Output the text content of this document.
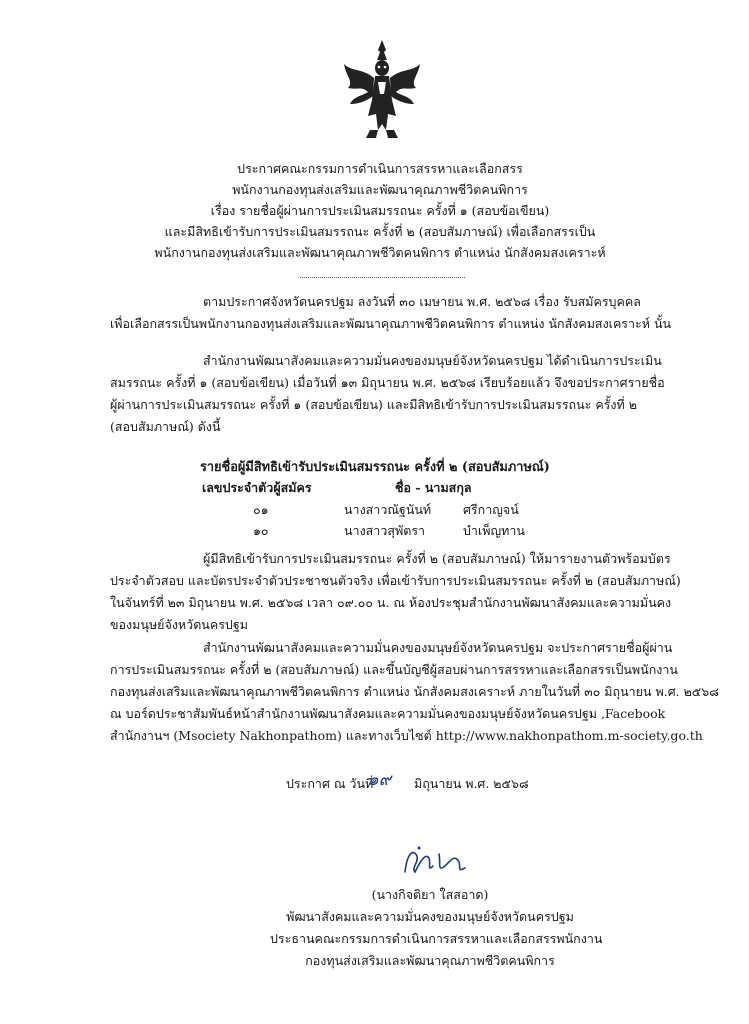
ประกาศคณะกรรมการดำเนินการสรรหาและเลือกสรร
พนักงานกองทุนส่งเสริมและพัฒนาคุณภาพชีวิตคนพิการ
เรื่อง รายชื่อผู้ผ่านการประเมินสมรรถนะ ครั้งที่ ๑ (สอบข้อเขียน)
และมีสิทธิเข้ารับการประเมินสมรรถนะ ครั้งที่ ๒ (สอบสัมภาษณ์) เพื่อเลือกสรรเป็น
พนักงานกองทุนส่งเสริมและพัฒนาคุณภาพชีวิตคนพิการ ตำแหน่ง นักสังคมสงเคราะห์
ตามประกาศจังหวัดนครปฐม ลงวันที่ ๓๐ เมษายน พ.ศ. ๒๕๖๘ เรื่อง รับสมัครบุคคล
เพื่อเลือกสรรเป็นพนักงานกองทุนส่งเสริมและพัฒนาคุณภาพชีวิตคนพิการ ตำแหน่ง นักสังคมสงเคราะห์ นั้น
สำนักงานพัฒนาสังคมและความมั่นคงของมนุษย์จังหวัดนครปฐม ได้ดำเนินการประเมิน
สมรรถนะ ครั้งที่ ๑ (สอบข้อเขียน) เมื่อวันที่ ๑๓ มิถุนายน พ.ศ. ๒๕๖๘ เรียบร้อยแล้ว จึงขอประกาศรายชื่อ
ผู้ผ่านการประเมินสมรรถนะ ครั้งที่ ๑ (สอบข้อเขียน) และมีสิทธิเข้ารับการประเมินสมรรถนะ ครั้งที่ ๒
(สอบสัมภาษณ์) ดังนี้
รายชื่อผู้มีสิทธิเข้ารับประเมินสมรรถนะ ครั้งที่ ๒ (สอบสัมภาษณ์)
เลขประจำตัวผู้สมัคร	ชื่อ - นามสกุล
๐๑	นางสาวณัฐนันท์	ศรีกาญจน์
๑๐	นางสาวสุพัตรา	บำเพ็ญทาน
ผู้มีสิทธิเข้ารับการประเมินสมรรถนะ ครั้งที่ ๒ (สอบสัมภาษณ์) ให้มารายงานตัวพร้อมบัตร
ประจำตัวสอบ และบัตรประจำตัวประชาชนตัวจริง เพื่อเข้ารับการประเมินสมรรถนะ ครั้งที่ ๒ (สอบสัมภาษณ์)
ในจันทร์ที่ ๒๓ มิถุนายน พ.ศ. ๒๕๖๘ เวลา ๐๙.๐๐ น. ณ ห้องประชุมสำนักงานพัฒนาสังคมและความมั่นคง
ของมนุษย์จังหวัดนครปฐม
สำนักงานพัฒนาสังคมและความมั่นคงของมนุษย์จังหวัดนครปฐม จะประกาศรายชื่อผู้ผ่าน
การประเมินสมรรถนะ ครั้งที่ ๒ (สอบสัมภาษณ์) และขึ้นบัญชีผู้สอบผ่านการสรรหาและเลือกสรรเป็นพนักงาน
กองทุนส่งเสริมและพัฒนาคุณภาพชีวิตคนพิการ ตำแหน่ง นักสังคมสงเคราะห์ ภายในวันที่ ๓๐ มิถุนายน พ.ศ. ๒๕๖๘
ณ บอร์ดประชาสัมพันธ์หน้าสำนักงานพัฒนาสังคมและความมั่นคงของมนุษย์จังหวัดนครปฐม ,Facebook
สำนักงานฯ (Msociety Nakhonpathom) และทางเว็บไซต์ http://www.nakhonpathom.m-society.go.th
ประกาศ ณ วันที่
๑๙ มิถุนายน พ.ศ. ๒๕๖๘
(นางกิจติยา ใสสอาด)
พัฒนาสังคมและความมั่นคงของมนุษย์จังหวัดนครปฐม
ประธานคณะกรรมการดำเนินการสรรหาและเลือกสรรพนักงาน
กองทุนส่งเสริมและพัฒนาคุณภาพชีวิตคนพิการ
